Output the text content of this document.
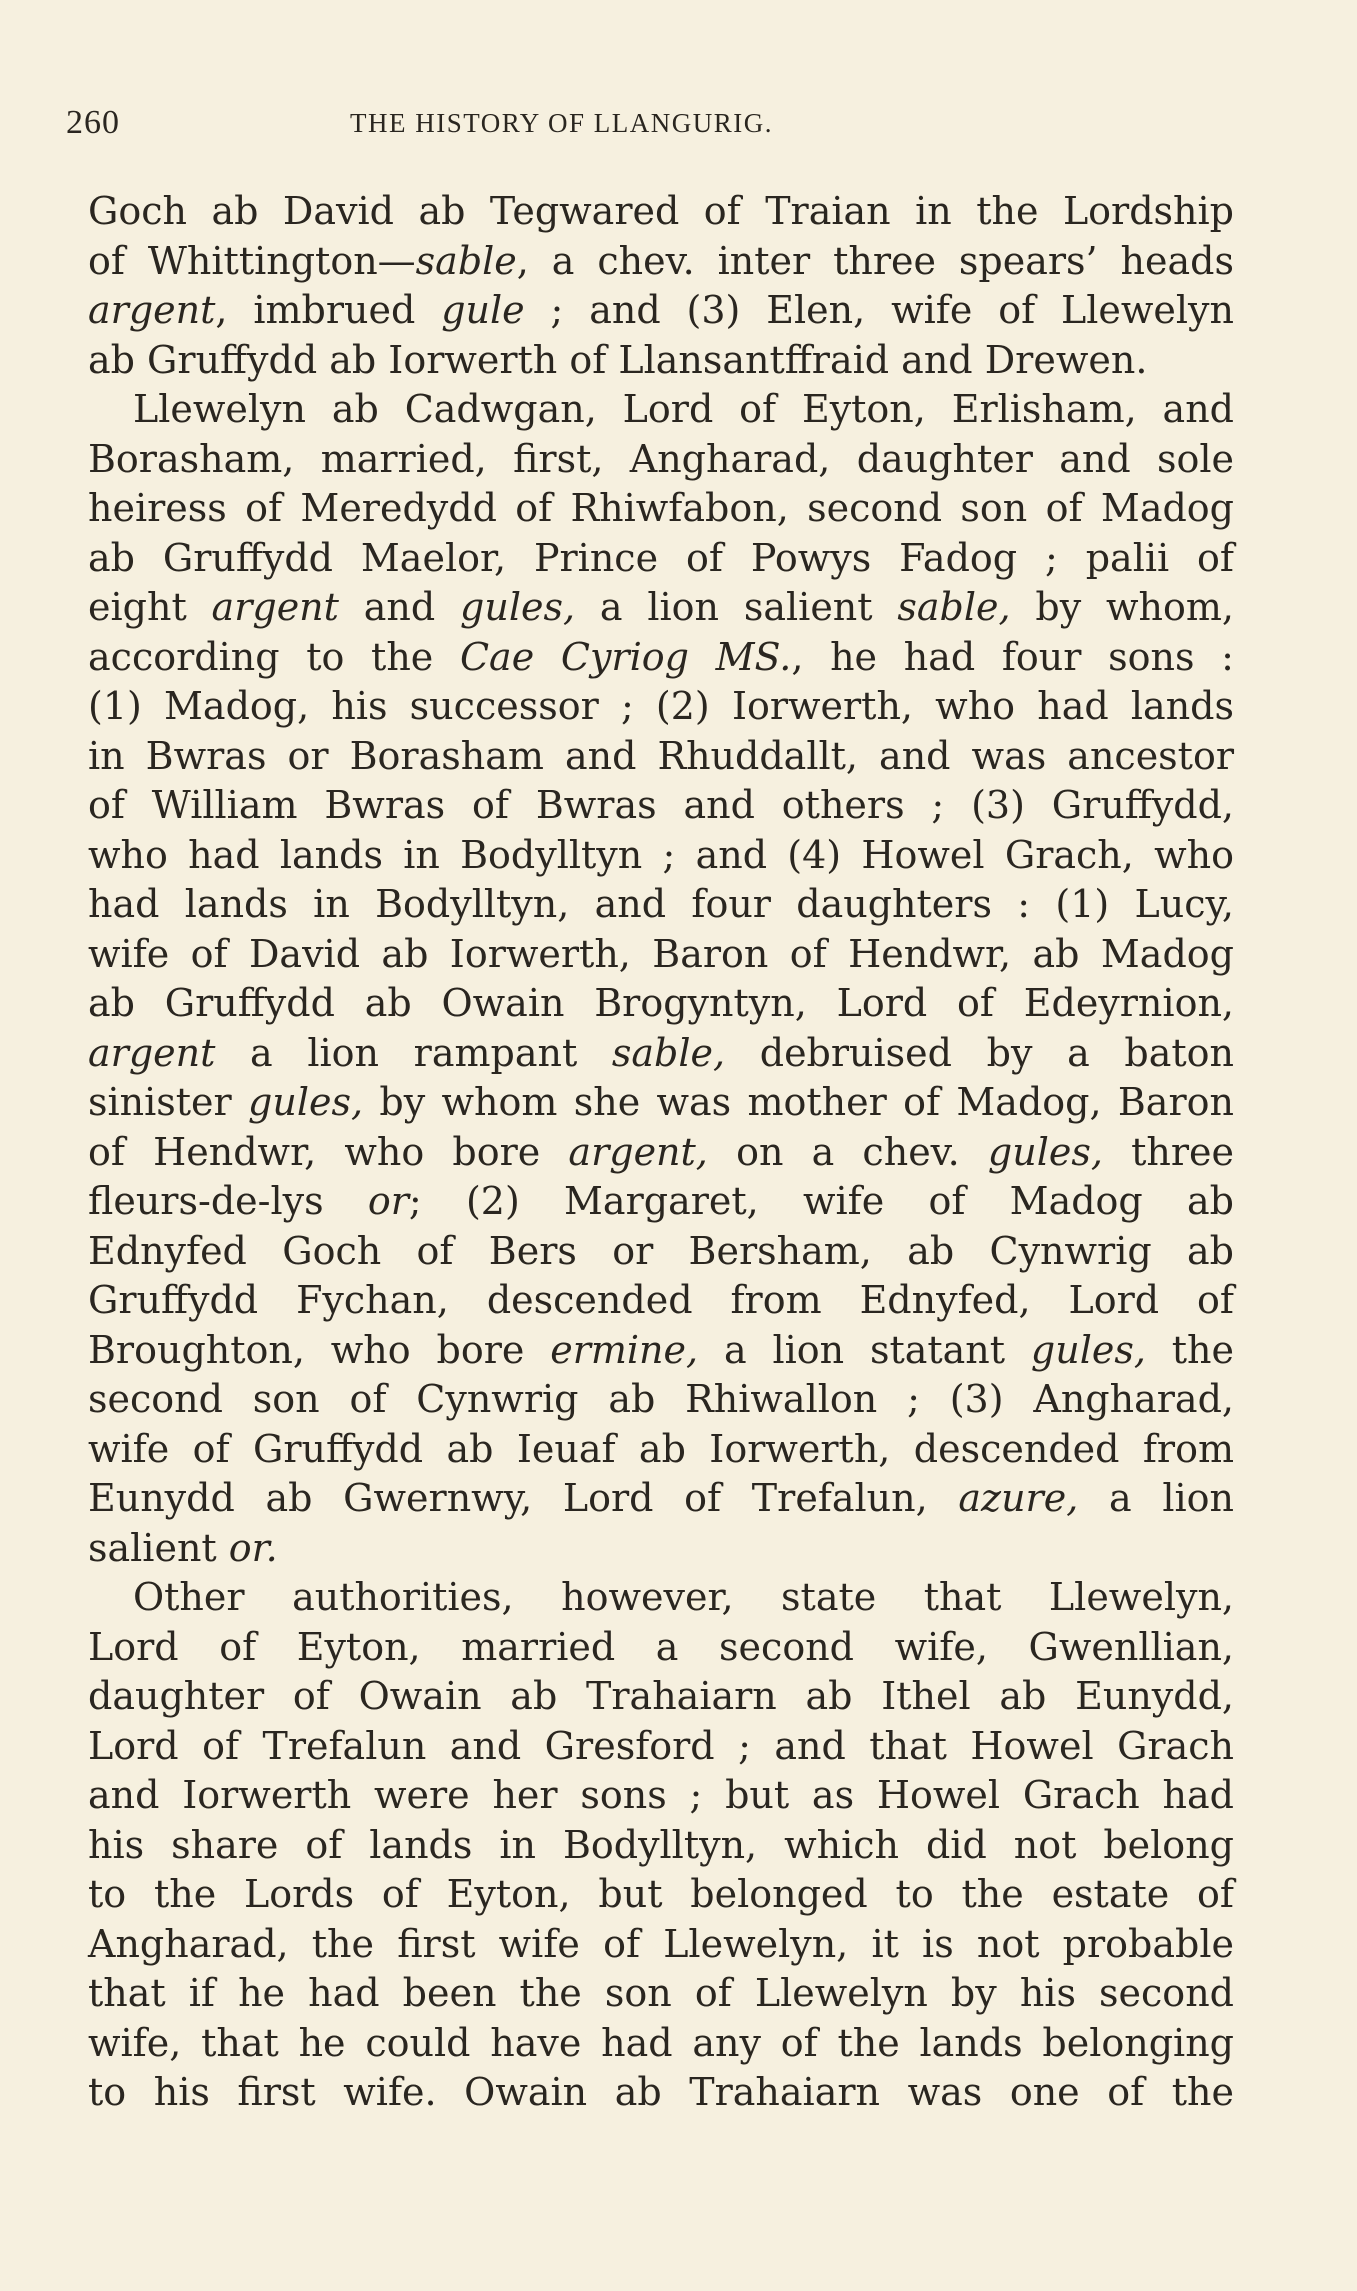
260	THE HISTORY OF LLANGURIG.
Goch ab David ab Tegwared of Traian in the Lordship
of Whittington—sable, a chev. inter three spears’ heads
argent, imbrued gule ; and (3) Elen, wife of Llewelyn
ab Gruffydd ab Iorwerth of Llansantffraid and Drewen.
Llewelyn ab Cadwgan, Lord of Eyton, Erlisham, and
Borasham, married, first, Angharad, daughter and sole
heiress of Meredydd of Rhiwfabon, second son of Madog
ab Gruffydd Maelor, Prince of Powys Fadog ; palii of
eight argent and gules, a lion salient sable, by whom,
according to the Cae Cyriog MS., he had four sons :
(1) Madog, his successor ; (2) Iorwerth, who had lands
in Bwras or Borasham and Rhuddallt, and was ancestor
of William Bwras of Bwras and others ; (3) Gruffydd,
who had lands in Bodylltyn ; and (4) Howel Grach, who
had lands in Bodylltyn, and four daughters : (1) Lucy,
wife of David ab Iorwerth, Baron of Hendwr, ab Madog
ab Gruffydd ab Owain Brogyntyn, Lord of Edeyrnion,
argent a lion rampant sable, debruised by a baton
sinister gules, by whom she was mother of Madog, Baron
of Hendwr, who bore argent, on a chev. gules, three
fleurs-de-lys or; (2) Margaret, wife of Madog ab
Ednyfed Goch of Bers or Bersham, ab Cynwrig ab
Gruffydd Fychan, descended from Ednyfed, Lord of
Broughton, who bore ermine, a lion statant gules, the
second son of Cynwrig ab Rhiwallon ; (3) Angharad,
wife of Gruffydd ab Ieuaf ab Iorwerth, descended from
Eunydd ab Gwernwy, Lord of Trefalun, azure, a lion
salient or.
Other authorities, however, state that Llewelyn,
Lord of Eyton, married a second wife, Gwenllian,
daughter of Owain ab Trahaiarn ab Ithel ab Eunydd,
Lord of Trefalun and Gresford ; and that Howel Grach
and Iorwerth were her sons ; but as Howel Grach had
his share of lands in Bodylltyn, which did not belong
to the Lords of Eyton, but belonged to the estate of
Angharad, the first wife of Llewelyn, it is not probable
that if he had been the son of Llewelyn by his second
wife, that he could have had any of the lands belonging
to his first wife. Owain ab Trahaiarn was one of the
